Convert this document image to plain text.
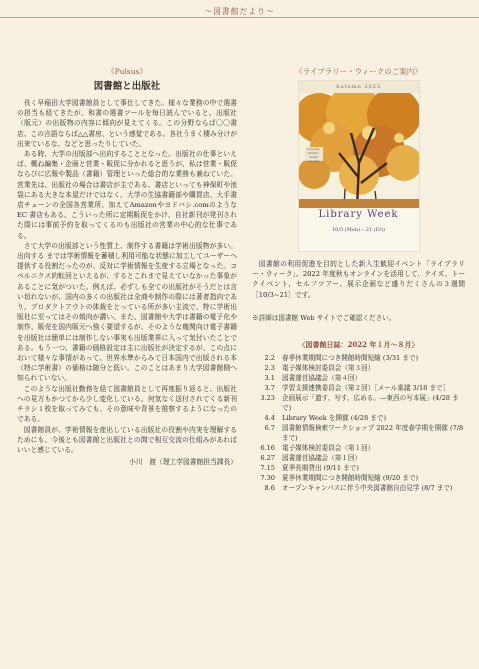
～図書館だより～
《Pulsus》
図書館と出版社

長く早稲田大学図書館員として事仕してきた。様々な業務の中で選書の担当も経てきたが、和書の選書ツールを毎日読んでいると、出版社（版元）の出版物の内容に傾向が見えてくる。この分野ならば〇〇書店、この言語ならば△△書房、という感覚である。各社うまく棲み分けが出来ているな、などと思ったりしていた。

ある時、大学の出版部へ出向することとなった。出版社の仕事といえば、概ね編集・企画と営業・販促に分かれると思うが、私は営業・販促ならびに広報や製品（書籍）管理といった総合的な業務も兼ねていた。営業先は、出版社の場合は書店が主である。書店といっても神保町や池袋にある大きな本屋だけではなく、大学の生協書籍部や購買店、大手書店チェーンの全国各営業所、加えてAmazonやヨドバシ.comのような EC 書店もある。こういった所に定期販促をかけ、自社新刊が発刊された際には事前予約を取ってくるのも出版社の営業の中心的な仕事である。

さて大学の出版部という性質上、制作する書籍は学術出版物が多い。出向する までは学術情報を蓄積し利用可能な状態に加工してユーザーへ提供する役割だったのが、反対に学術情報を生産する立場となった。コペルニクス的転回といえるが、するとこれまで見えていなかった事象があることに気がついた。例えば、必ずしも全ての出版社がそうだとは言い切れないが、国内の多くの出版社は全商や制作の際には著者指向であり、プロダクトアウトの体裁をとっている所が多い主流で、特に学術出版社に至ってはその傾向が濃い。また、図書館や大学は書籍の電子化や制作、販売を国内販元へ強く要望するが、そのような幾関向け電子書籍を出版社は簡単には制作しない事実も出版業界に入って気付いたことである。もう一つ、書籍の価格設定は主に出版社が決定するが、この点において様々な事情があって、世界水準からみて日本国内で出版される本（特に学術書）の価格は随分と低い。このことはあまり大学図書館側へ知られていない。

このような出版社勤務を経て図書館員として再度振り返ると、出版社への見方もかつてから少し変化している。何気なく送付されてくる新刊チラシ１枚を取ってみても、その意味や背景を推察するようになったのである。

図書館員が、学術情報を産出している出版社の役割や内実を理解するためにも、今後とも図書館と出版社との間で相互交流の仕組みがあればいいと感じている。

小川　渡（理工学図書館担当課長）
《ライブラリー・ウィークのご案内》
Autumn 2022
long the library week autumn
Library Week
10/3 (Mon) – 21 (Fri)

図書館の利用促進を目的とした新入生歓迎イベント「ライブラリー・ウィーク」。2022 年度秋もオンラインを活用して、クイズ、トークイベント、セルフツアー、展示企画など盛りだくさんの３週間［10/3~21］です。

※詳細は図書館 Web サイトでご確認ください。
〈図書館日誌：2022 年１月～８月〉
2.2	春季休業期間につき開館時間短縮 (3/31 まで)
2.3	電子媒体検討委員会（第３回）
3.1	図書運営協議会（第４回）
3.7	学習支援連携委員会（第２回）［メール審議 3/18 まで］
3.23	企画展示「遺す、写す、広める。―東西の写本展」(4/28 まで)
4.4	Library Week を開催 (4/28 まで)
6.7	図書館情報検索ワークショップ 2022 年度春学期を開催 (7/8 まで)
6.16	電子媒体検討委員会（第１回）
6.27	図書運営協議会（第１回）
7.15	夏季長期貸出 (9/11 まで)
7.30	夏季休業期間につき開館時間短縮 (9/20 まで)
8.6	オープンキャンパスに伴う中央図書館自由見学 (8/7 まで)
